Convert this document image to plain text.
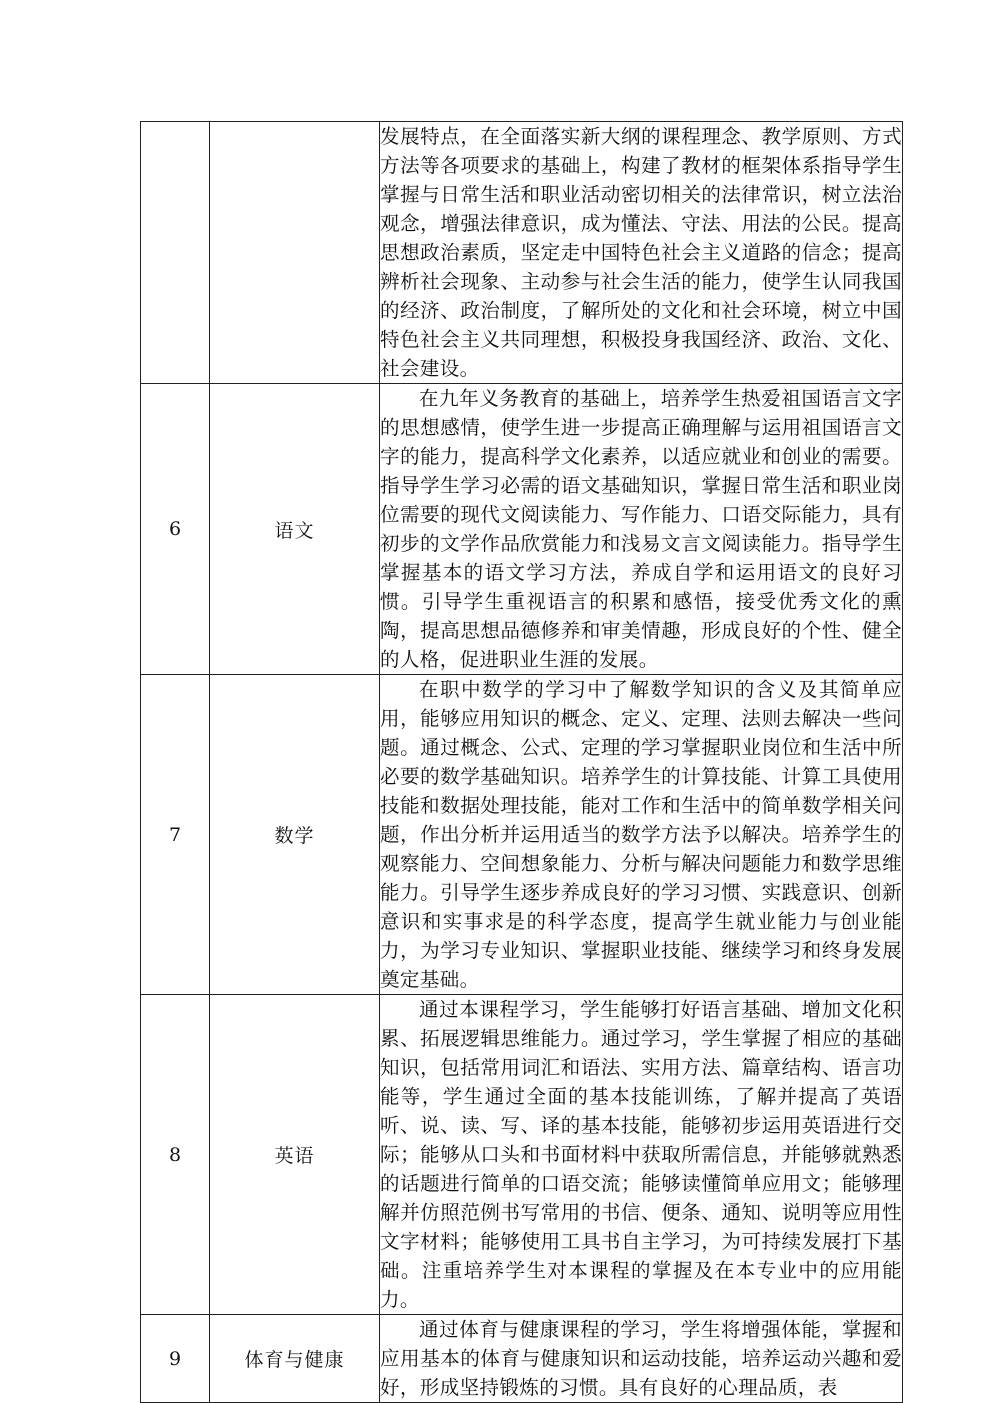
		发展特点，在全面落实新大纲的课程理念、教学原则、方式方法等各项要求的基础上，构建了教材的框架体系指导学生掌握与日常生活和职业活动密切相关的法律常识，树立法治观念，增强法律意识，成为懂法、守法、用法的公民。提高思想政治素质，坚定走中国特色社会主义道路的信念；提高辨析社会现象、主动参与社会生活的能力，使学生认同我国的经济、政治制度，了解所处的文化和社会环境，树立中国特色社会主义共同理想，积极投身我国经济、政治、文化、社会建设。

6	语文	在九年义务教育的基础上，培养学生热爱祖国语言文字的思想感情，使学生进一步提高正确理解与运用祖国语言文字的能力，提高科学文化素养，以适应就业和创业的需要。指导学生学习必需的语文基础知识，掌握日常生活和职业岗位需要的现代文阅读能力、写作能力、口语交际能力，具有初步的文学作品欣赏能力和浅易文言文阅读能力。指导学生掌握基本的语文学习方法，养成自学和运用语文的良好习惯。引导学生重视语言的积累和感悟，接受优秀文化的熏陶，提高思想品德修养和审美情趣，形成良好的个性、健全的人格，促进职业生涯的发展。

7	数学	在职中数学的学习中了解数学知识的含义及其简单应用，能够应用知识的概念、定义、定理、法则去解决一些问题。通过概念、公式、定理的学习掌握职业岗位和生活中所必要的数学基础知识。培养学生的计算技能、计算工具使用技能和数据处理技能，能对工作和生活中的简单数学相关问题，作出分析并运用适当的数学方法予以解决。培养学生的观察能力、空间想象能力、分析与解决问题能力和数学思维能力。引导学生逐步养成良好的学习习惯、实践意识、创新意识和实事求是的科学态度，提高学生就业能力与创业能力，为学习专业知识、掌握职业技能、继续学习和终身发展奠定基础。

8	英语	通过本课程学习，学生能够打好语言基础、增加文化积累、拓展逻辑思维能力。通过学习，学生掌握了相应的基础知识，包括常用词汇和语法、实用方法、篇章结构、语言功能等，学生通过全面的基本技能训练，了解并提高了英语听、说、读、写、译的基本技能，能够初步运用英语进行交际；能够从口头和书面材料中获取所需信息，并能够就熟悉的话题进行简单的口语交流；能够读懂简单应用文；能够理解并仿照范例书写常用的书信、便条、通知、说明等应用性文字材料；能够使用工具书自主学习，为可持续发展打下基础。注重培养学生对本课程的掌握及在本专业中的应用能力。

9	体育与健康	通过体育与健康课程的学习，学生将增强体能，掌握和应用基本的体育与健康知识和运动技能，培养运动兴趣和爱好，形成坚持锻炼的习惯。具有良好的心理品质，表
